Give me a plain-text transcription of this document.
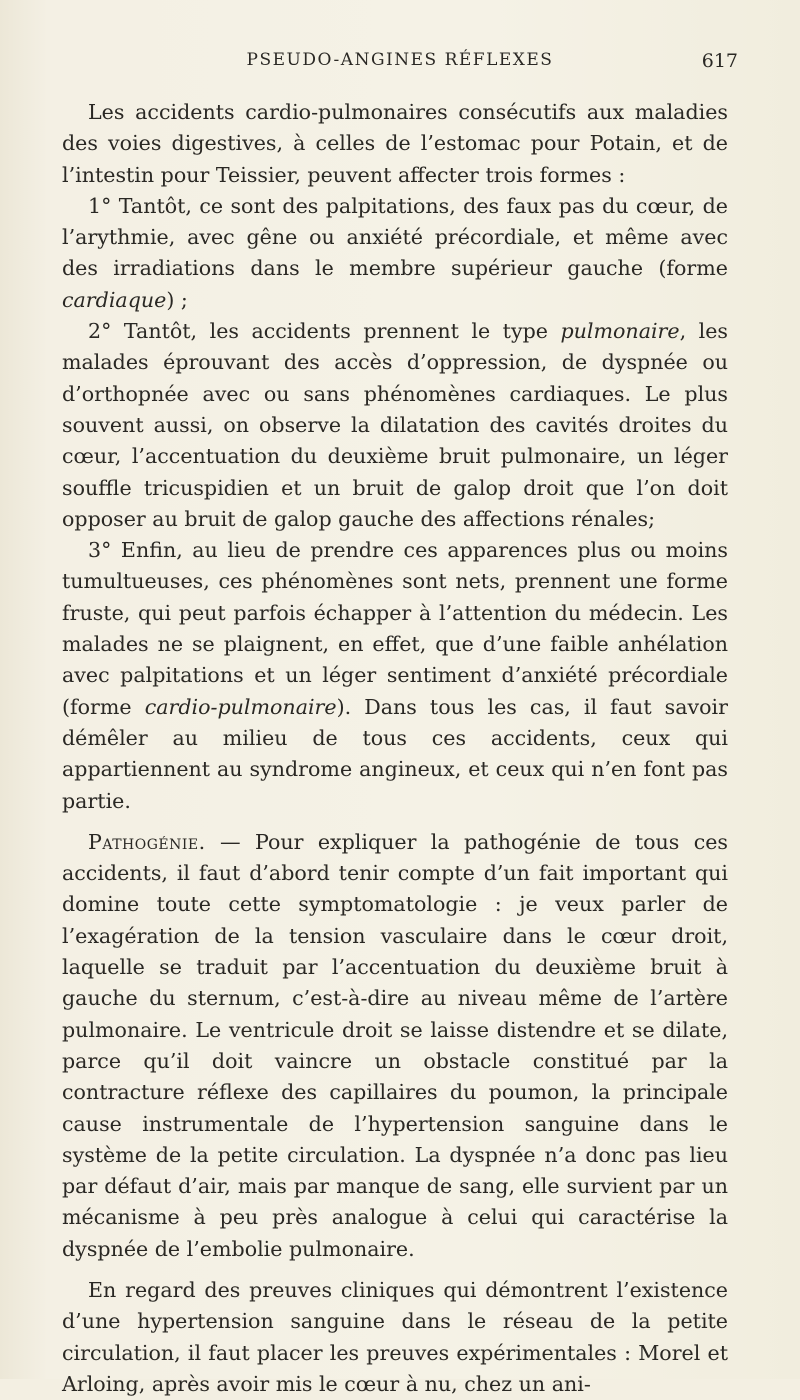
PSEUDO-ANGINES RÉFLEXES	617

Les accidents cardio-pulmonaires consécutifs aux maladies des voies digestives, à celles de l’estomac pour Potain, et de l’intestin pour Teissier, peuvent affecter trois formes :

1° Tantôt, ce sont des palpitations, des faux pas du cœur, de l’arythmie, avec gêne ou anxiété précordiale, et même avec des irradiations dans le membre supérieur gauche (forme cardiaque) ;

2° Tantôt, les accidents prennent le type pulmonaire, les malades éprouvant des accès d’oppression, de dyspnée ou d’orthopnée avec ou sans phénomènes cardiaques. Le plus souvent aussi, on observe la dilatation des cavités droites du cœur, l’accentuation du deuxième bruit pulmonaire, un léger souffle tricuspidien et un bruit de galop droit que l’on doit opposer au bruit de galop gauche des affections rénales;

3° Enfin, au lieu de prendre ces apparences plus ou moins tumultueuses, ces phénomènes sont nets, prennent une forme fruste, qui peut parfois échapper à l’attention du médecin. Les malades ne se plaignent, en effet, que d’une faible anhélation avec palpitations et un léger sentiment d’anxiété précordiale (forme cardio-pulmonaire). Dans tous les cas, il faut savoir démêler au milieu de tous ces accidents, ceux qui appartiennent au syndrome angineux, et ceux qui n’en font pas partie.

Pathogénie. — Pour expliquer la pathogénie de tous ces accidents, il faut d’abord tenir compte d’un fait important qui domine toute cette symptomatologie : je veux parler de l’exagération de la tension vasculaire dans le cœur droit, laquelle se traduit par l’accentuation du deuxième bruit à gauche du sternum, c’est-à-dire au niveau même de l’artère pulmonaire. Le ventricule droit se laisse distendre et se dilate, parce qu’il doit vaincre un obstacle constitué par la contracture réflexe des capillaires du poumon, la principale cause instrumentale de l’hypertension sanguine dans le système de la petite circulation. La dyspnée n’a donc pas lieu par défaut d’air, mais par manque de sang, elle survient par un mécanisme à peu près analogue à celui qui caractérise la dyspnée de l’embolie pulmonaire.

En regard des preuves cliniques qui démontrent l’existence d’une hypertension sanguine dans le réseau de la petite circulation, il faut placer les preuves expérimentales : Morel et Arloing, après avoir mis le cœur à nu, chez un ani-
